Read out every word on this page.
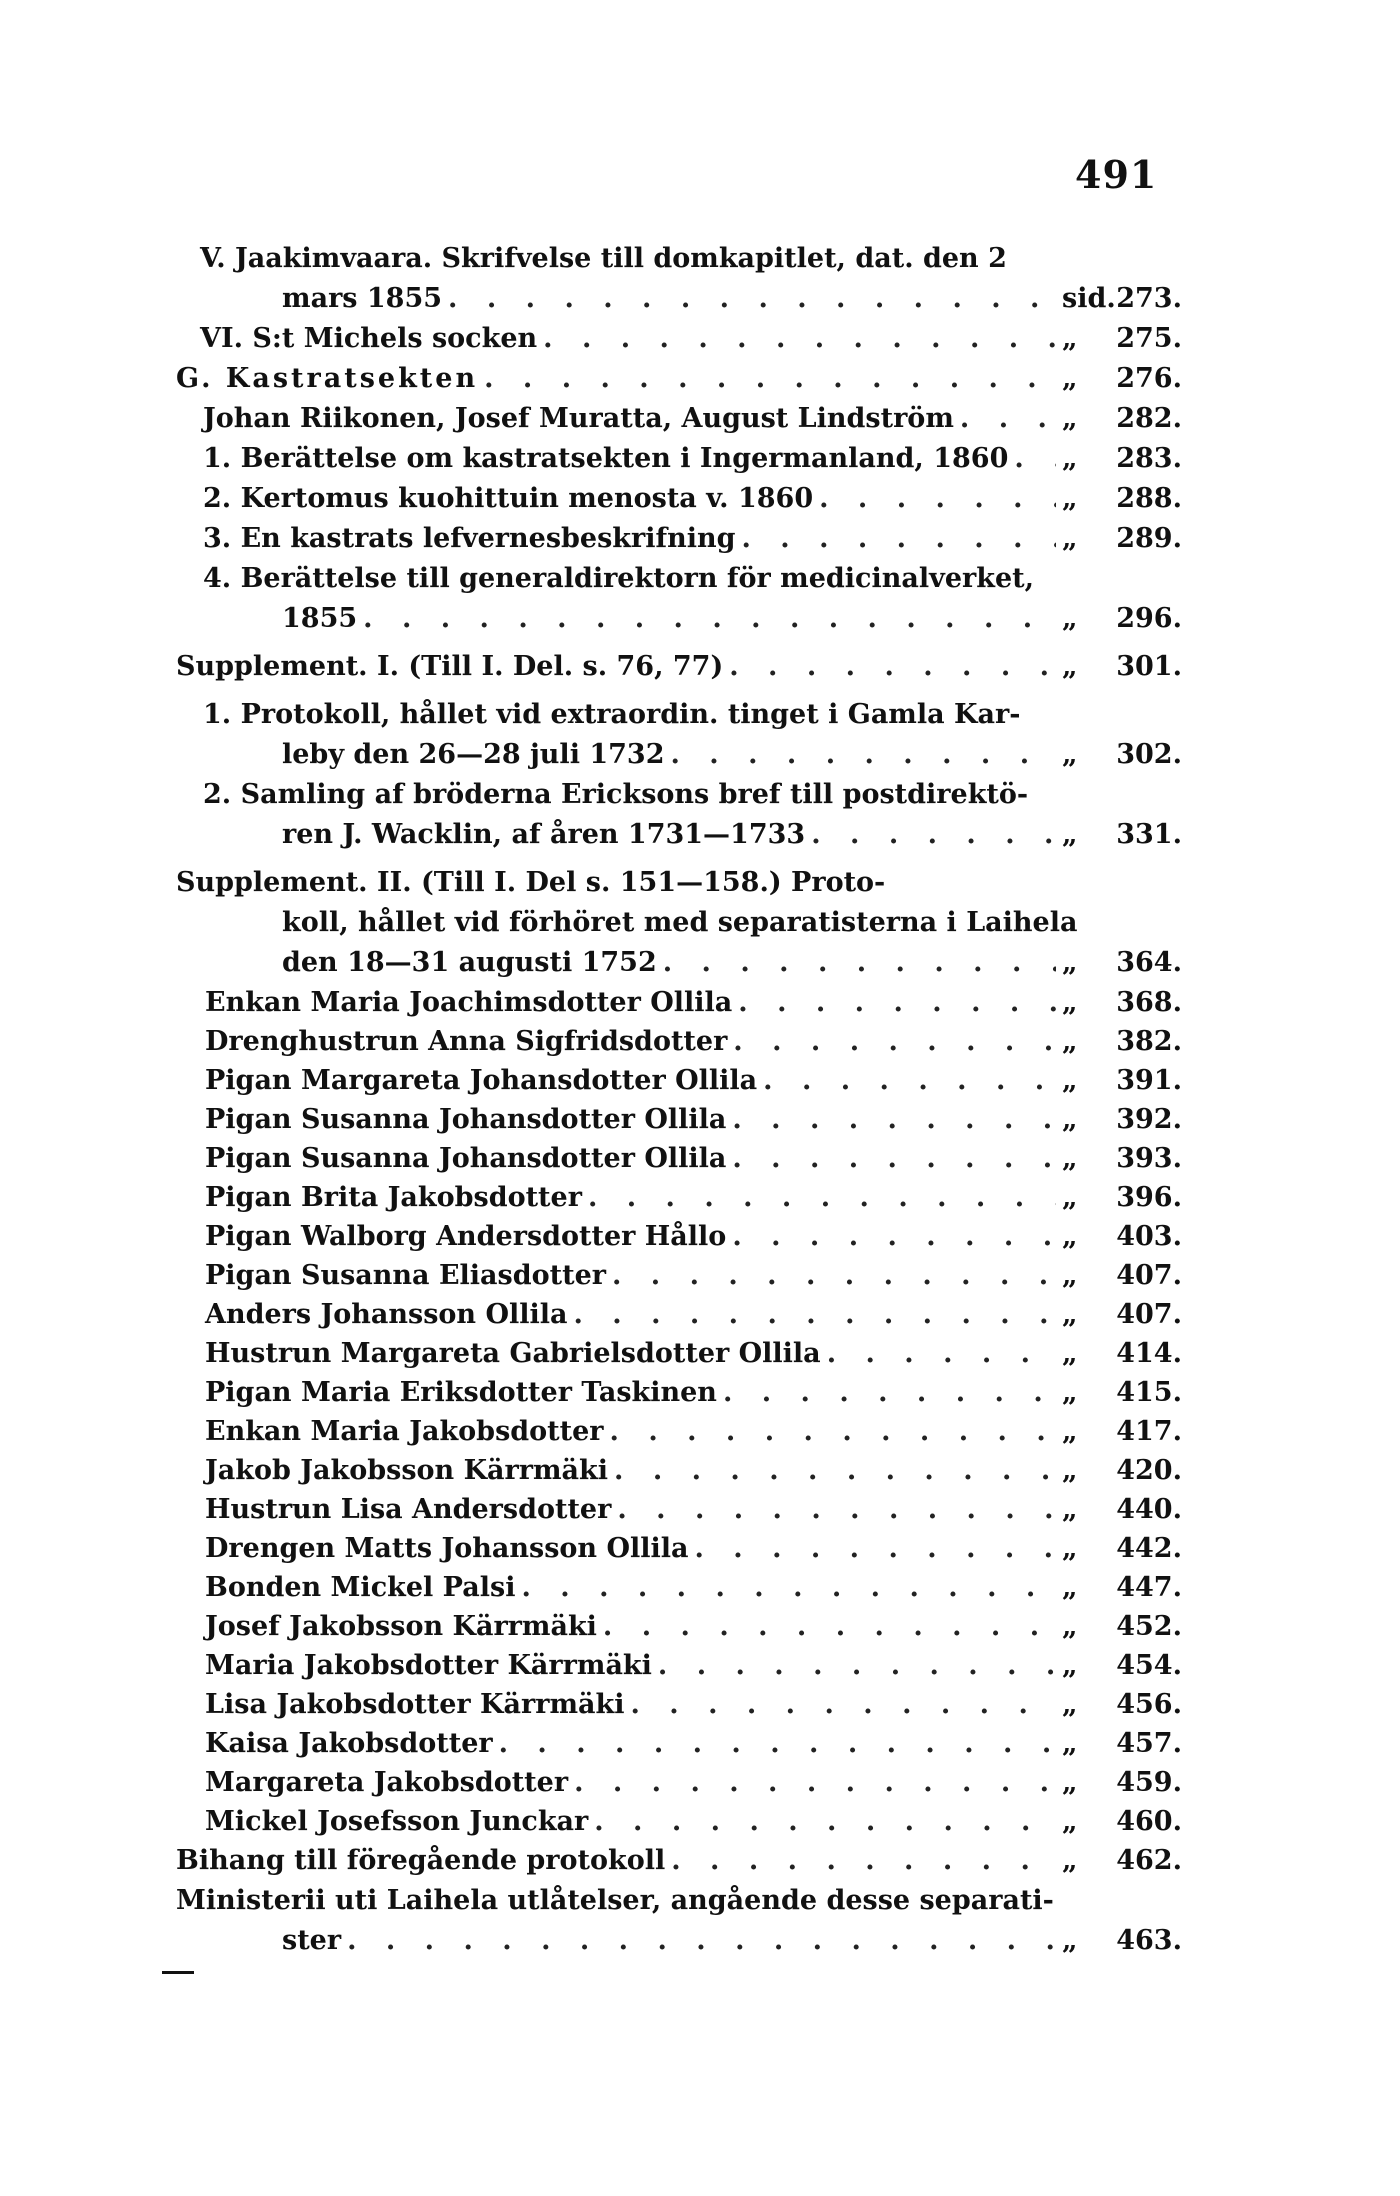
491
V. Jaakimvaara. Skrifvelse till domkapitlet, dat. den 2
mars 1855 . . .	sid. 273.
VI. S:t Michels socken . . .	„	275.
G. Kastratsekten . . .	„	276.
Johan Riikonen, Josef Muratta, August Lindström . . .	„	282.
1. Berättelse om kastratsekten i Ingermanland, 1860 . . . „	283.
2. Kertomus kuohittuin menosta v. 1860 . . .	„	288.
3. En kastrats lefvernesbeskrifning . . .	„	289.
4. Berättelse till generaldirektorn för medicinalverket,
1855 . . .	„	296.
Supplement. I. (Till I. Del. s. 76, 77) . . .	„	301.
1. Protokoll, hållet vid extraordin. tinget i Gamla Kar-
leby den 26—28 juli 1732 . . .	„	302.
2. Samling af bröderna Ericksons bref till postdirektö-
ren J. Wacklin, af åren 1731—1733 . . .	„	331.
Supplement. II. (Till I. Del s. 151—158.) Proto-
koll, hållet vid förhöret med separatisterna i Laihela
den 18—31 augusti 1752 . . .	„	364.
Enkan Maria Joachimsdotter Ollila . . .	„	368.
Drenghustrun Anna Sigfridsdotter . . .	„	382.
Pigan Margareta Johansdotter Ollila . . .	„	391.
Pigan Susanna Johansdotter Ollila . . .	„	392.
Pigan Susanna Johansdotter Ollila . . .	„	393.
Pigan Brita Jakobsdotter . . .	„	396.
Pigan Walborg Andersdotter Hållo . . .	„	403.
Pigan Susanna Eliasdotter . . .	„	407.
Anders Johansson Ollila . . .	„	407.
Hustrun Margareta Gabrielsdotter Ollila . . .	„	414.
Pigan Maria Eriksdotter Taskinen . . .	„	415.
Enkan Maria Jakobsdotter . . .	„	417.
Jakob Jakobsson Kärrmäki . . .	„	420.
Hustrun Lisa Andersdotter . . .	„	440.
Drengen Matts Johansson Ollila . . .	„	442.
Bonden Mickel Palsi . . .	„	447.
Josef Jakobsson Kärrmäki . . .	„	452.
Maria Jakobsdotter Kärrmäki . . .	„	454.
Lisa Jakobsdotter Kärrmäki . . .	„	456.
Kaisa Jakobsdotter . . .	„	457.
Margareta Jakobsdotter . . .	„	459.
Mickel Josefsson Junckar . . .	„	460.
Bihang till föregående protokoll . . .	„	462.
Ministerii uti Laihela utlåtelser, angående desse separati-
ster . . .	„	463.
